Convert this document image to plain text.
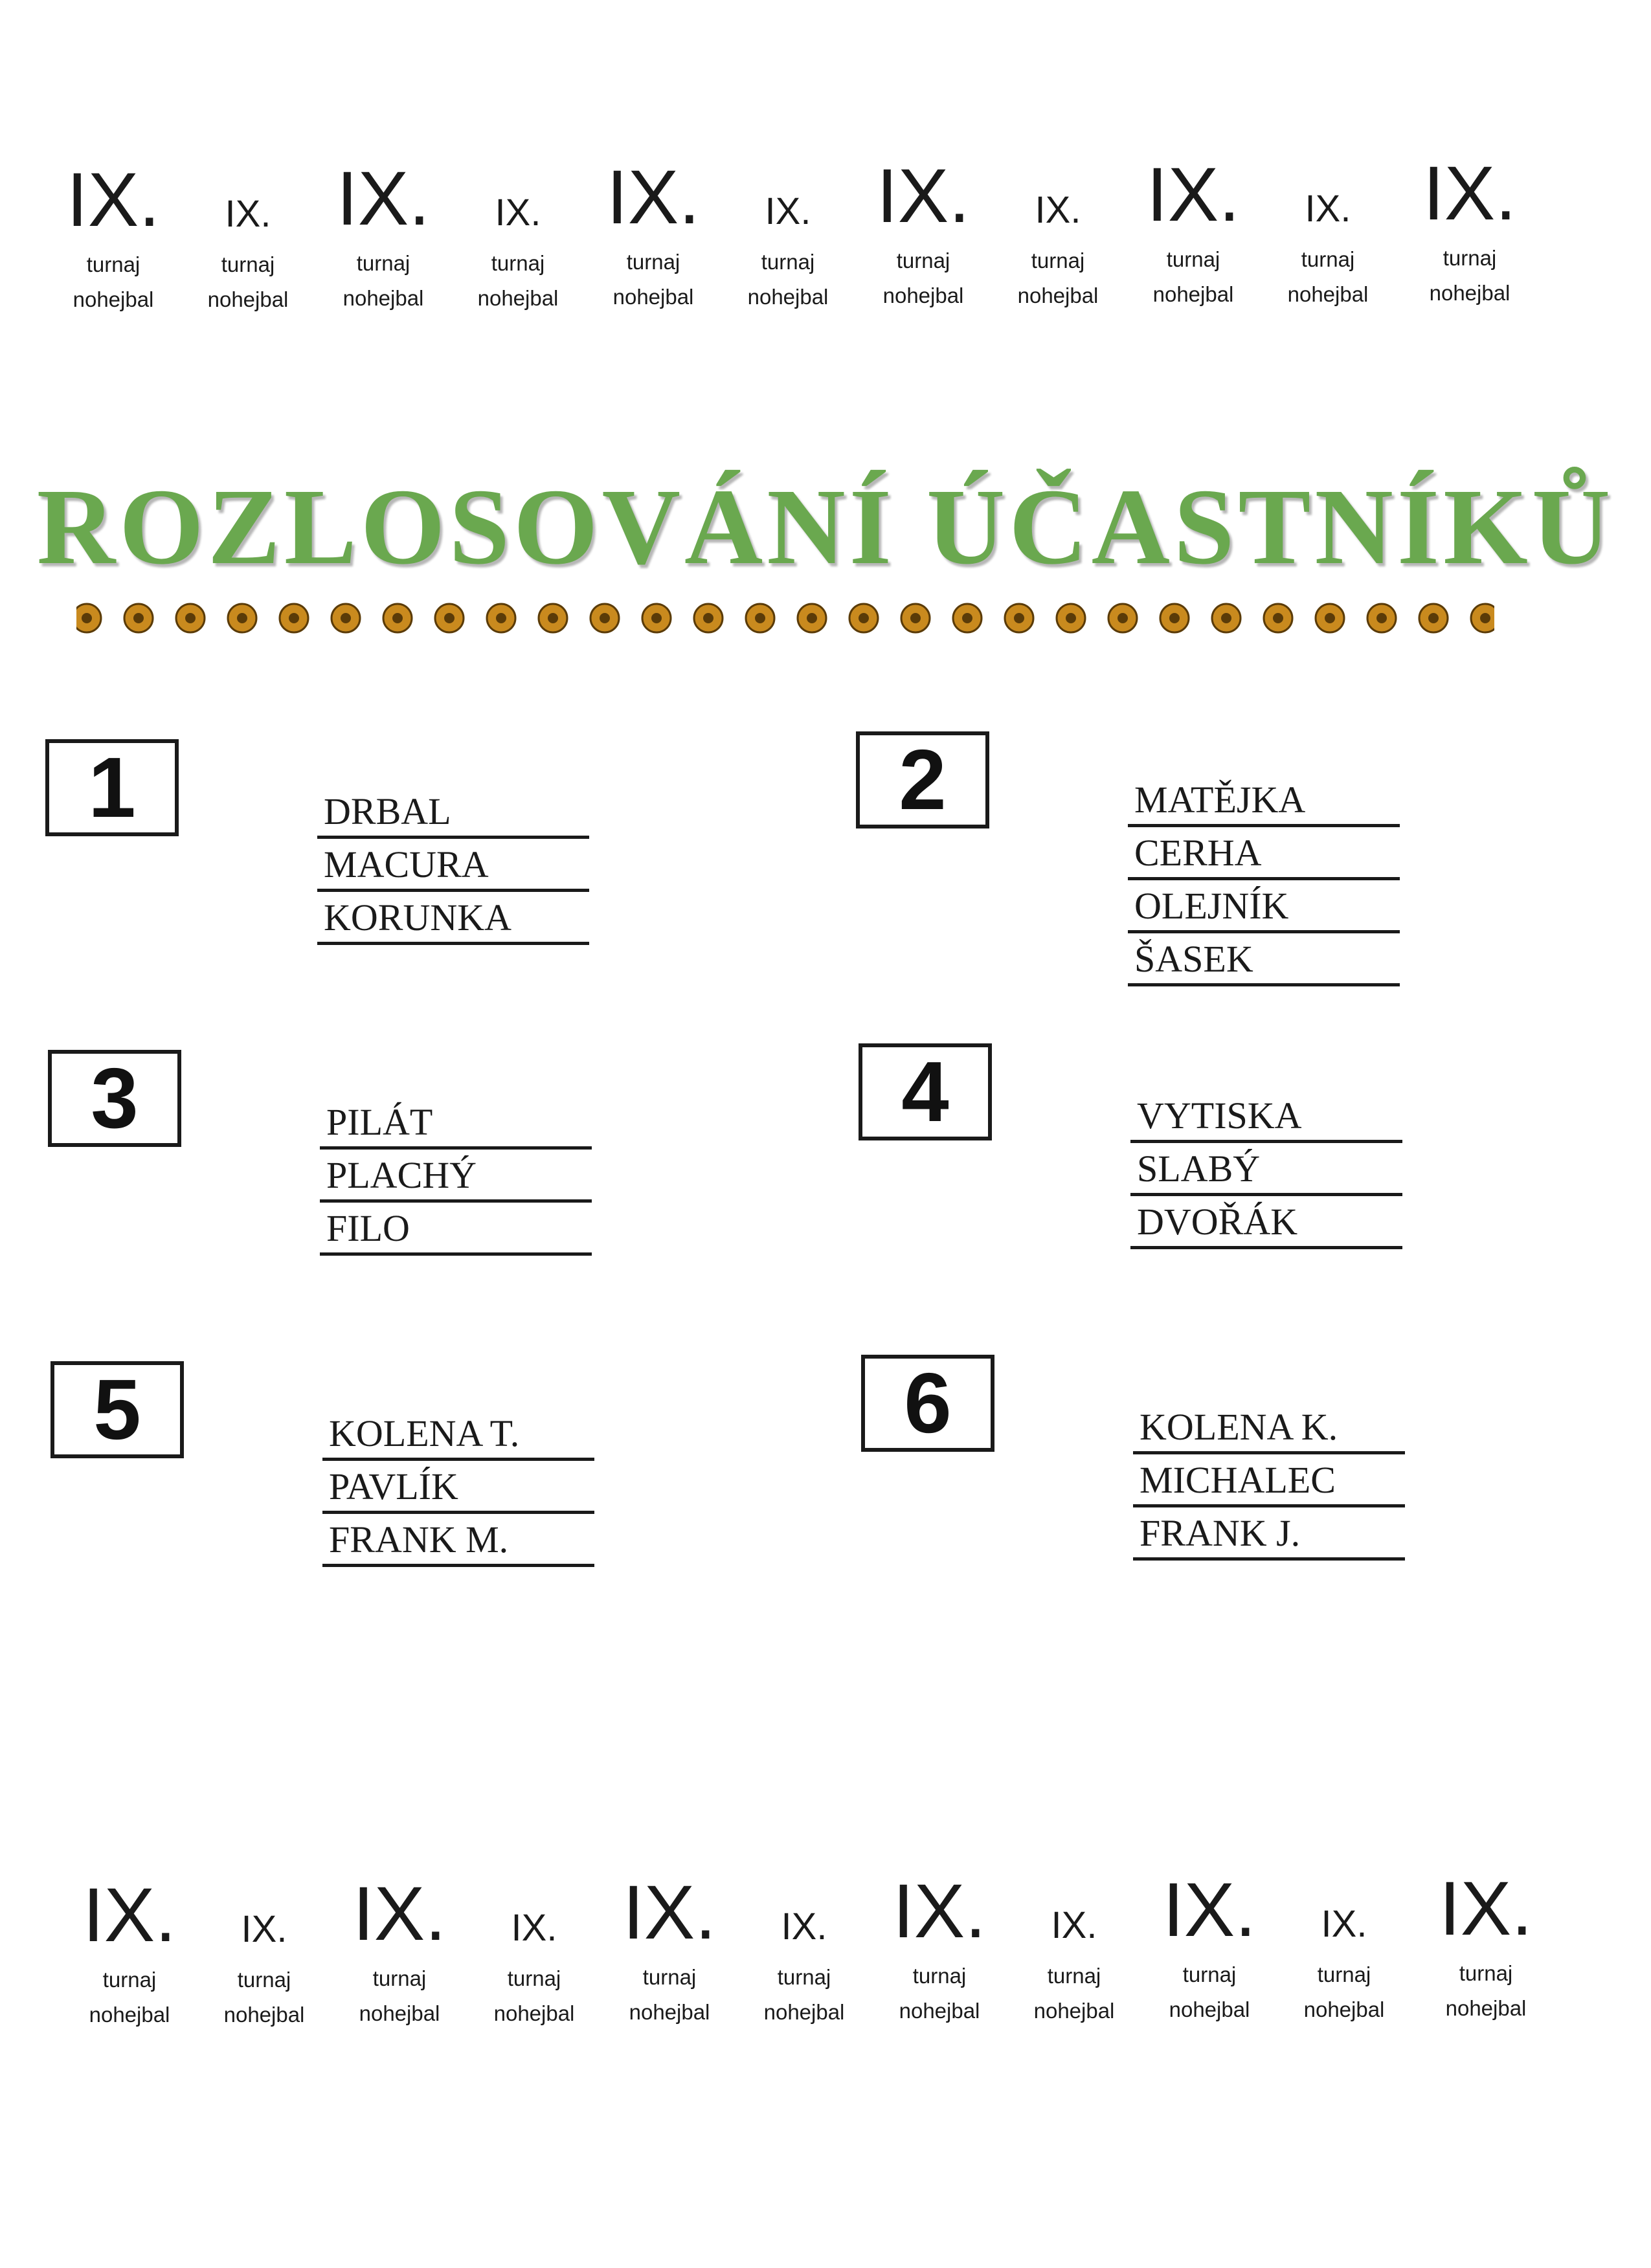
IX.
turnaj
nohejbal
IX.
turnaj
nohejbal
IX.
turnaj
nohejbal
IX.
turnaj
nohejbal
IX.
turnaj
nohejbal
IX.
turnaj
nohejbal
IX.
turnaj
nohejbal
IX.
turnaj
nohejbal
IX.
turnaj
nohejbal
IX.
turnaj
nohejbal
IX.
turnaj
nohejbal
ROZLOSOVÁNÍ ÚČASTNÍKŮ
1	DRBAL
MACURA
KORUNKA
2	MATĚJKA
CERHA
OLEJNÍK
ŠASEK
3	PILÁT
PLACHÝ
FILO
4	VYTISKA
SLABÝ
DVOŘÁK
5	KOLENA T.
PAVLÍK
FRANK M.
6	KOLENA K.
MICHALEC
FRANK J.
IX.
turnaj
nohejbal
IX.
turnaj
nohejbal
IX.
turnaj
nohejbal
IX.
turnaj
nohejbal
IX.
turnaj
nohejbal
IX.
turnaj
nohejbal
IX.
turnaj
nohejbal
IX.
turnaj
nohejbal
IX.
turnaj
nohejbal
IX.
turnaj
nohejbal
IX.
turnaj
nohejbal
